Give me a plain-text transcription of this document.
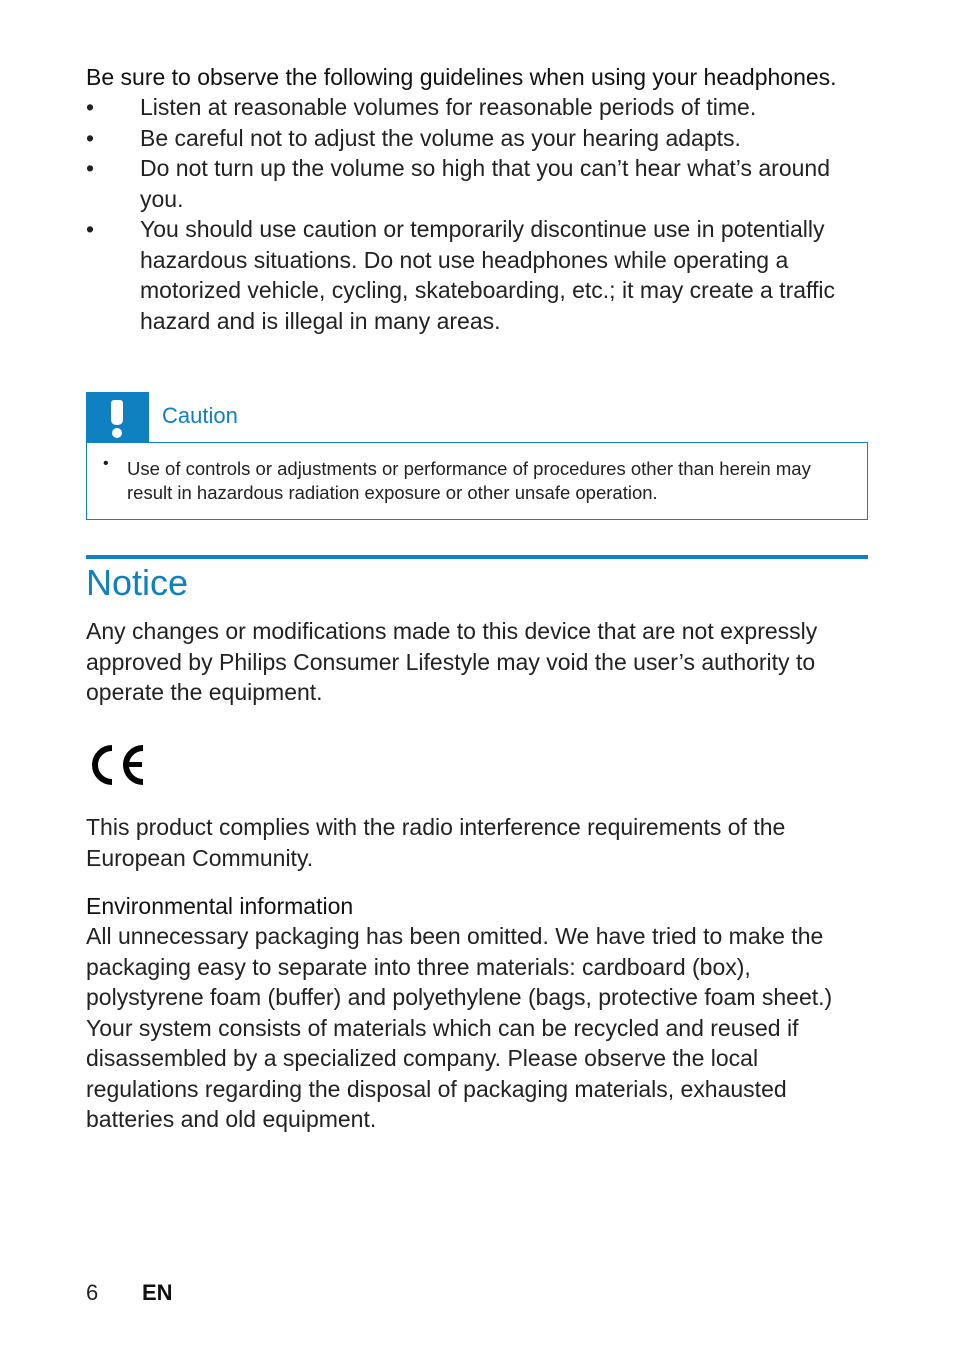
Be sure to observe the following guidelines when using your headphones.

•	Listen at reasonable volumes for reasonable periods of time.
•	Be careful not to adjust the volume as your hearing adapts.
•	Do not turn up the volume so high that you can’t hear what’s around you.
•	You should use caution or temporarily discontinue use in potentially hazardous situations. Do not use headphones while operating a motorized vehicle, cycling, skateboarding, etc.; it may create a traffic hazard and is illegal in many areas.
Caution
• Use of controls or adjustments or performance of procedures other than herein may result in hazardous radiation exposure or other unsafe operation.
Notice

Any changes or modifications made to this device that are not expressly approved by Philips Consumer Lifestyle may void the user’s authority to operate the equipment.

This product complies with the radio interference requirements of the European Community.

Environmental information

All unnecessary packaging has been omitted. We have tried to make the packaging easy to separate into three materials: cardboard (box), polystyrene foam (buffer) and polyethylene (bags, protective foam sheet.) Your system consists of materials which can be recycled and reused if disassembled by a specialized company. Please observe the local regulations regarding the disposal of packaging materials, exhausted batteries and old equipment.

6 EN
